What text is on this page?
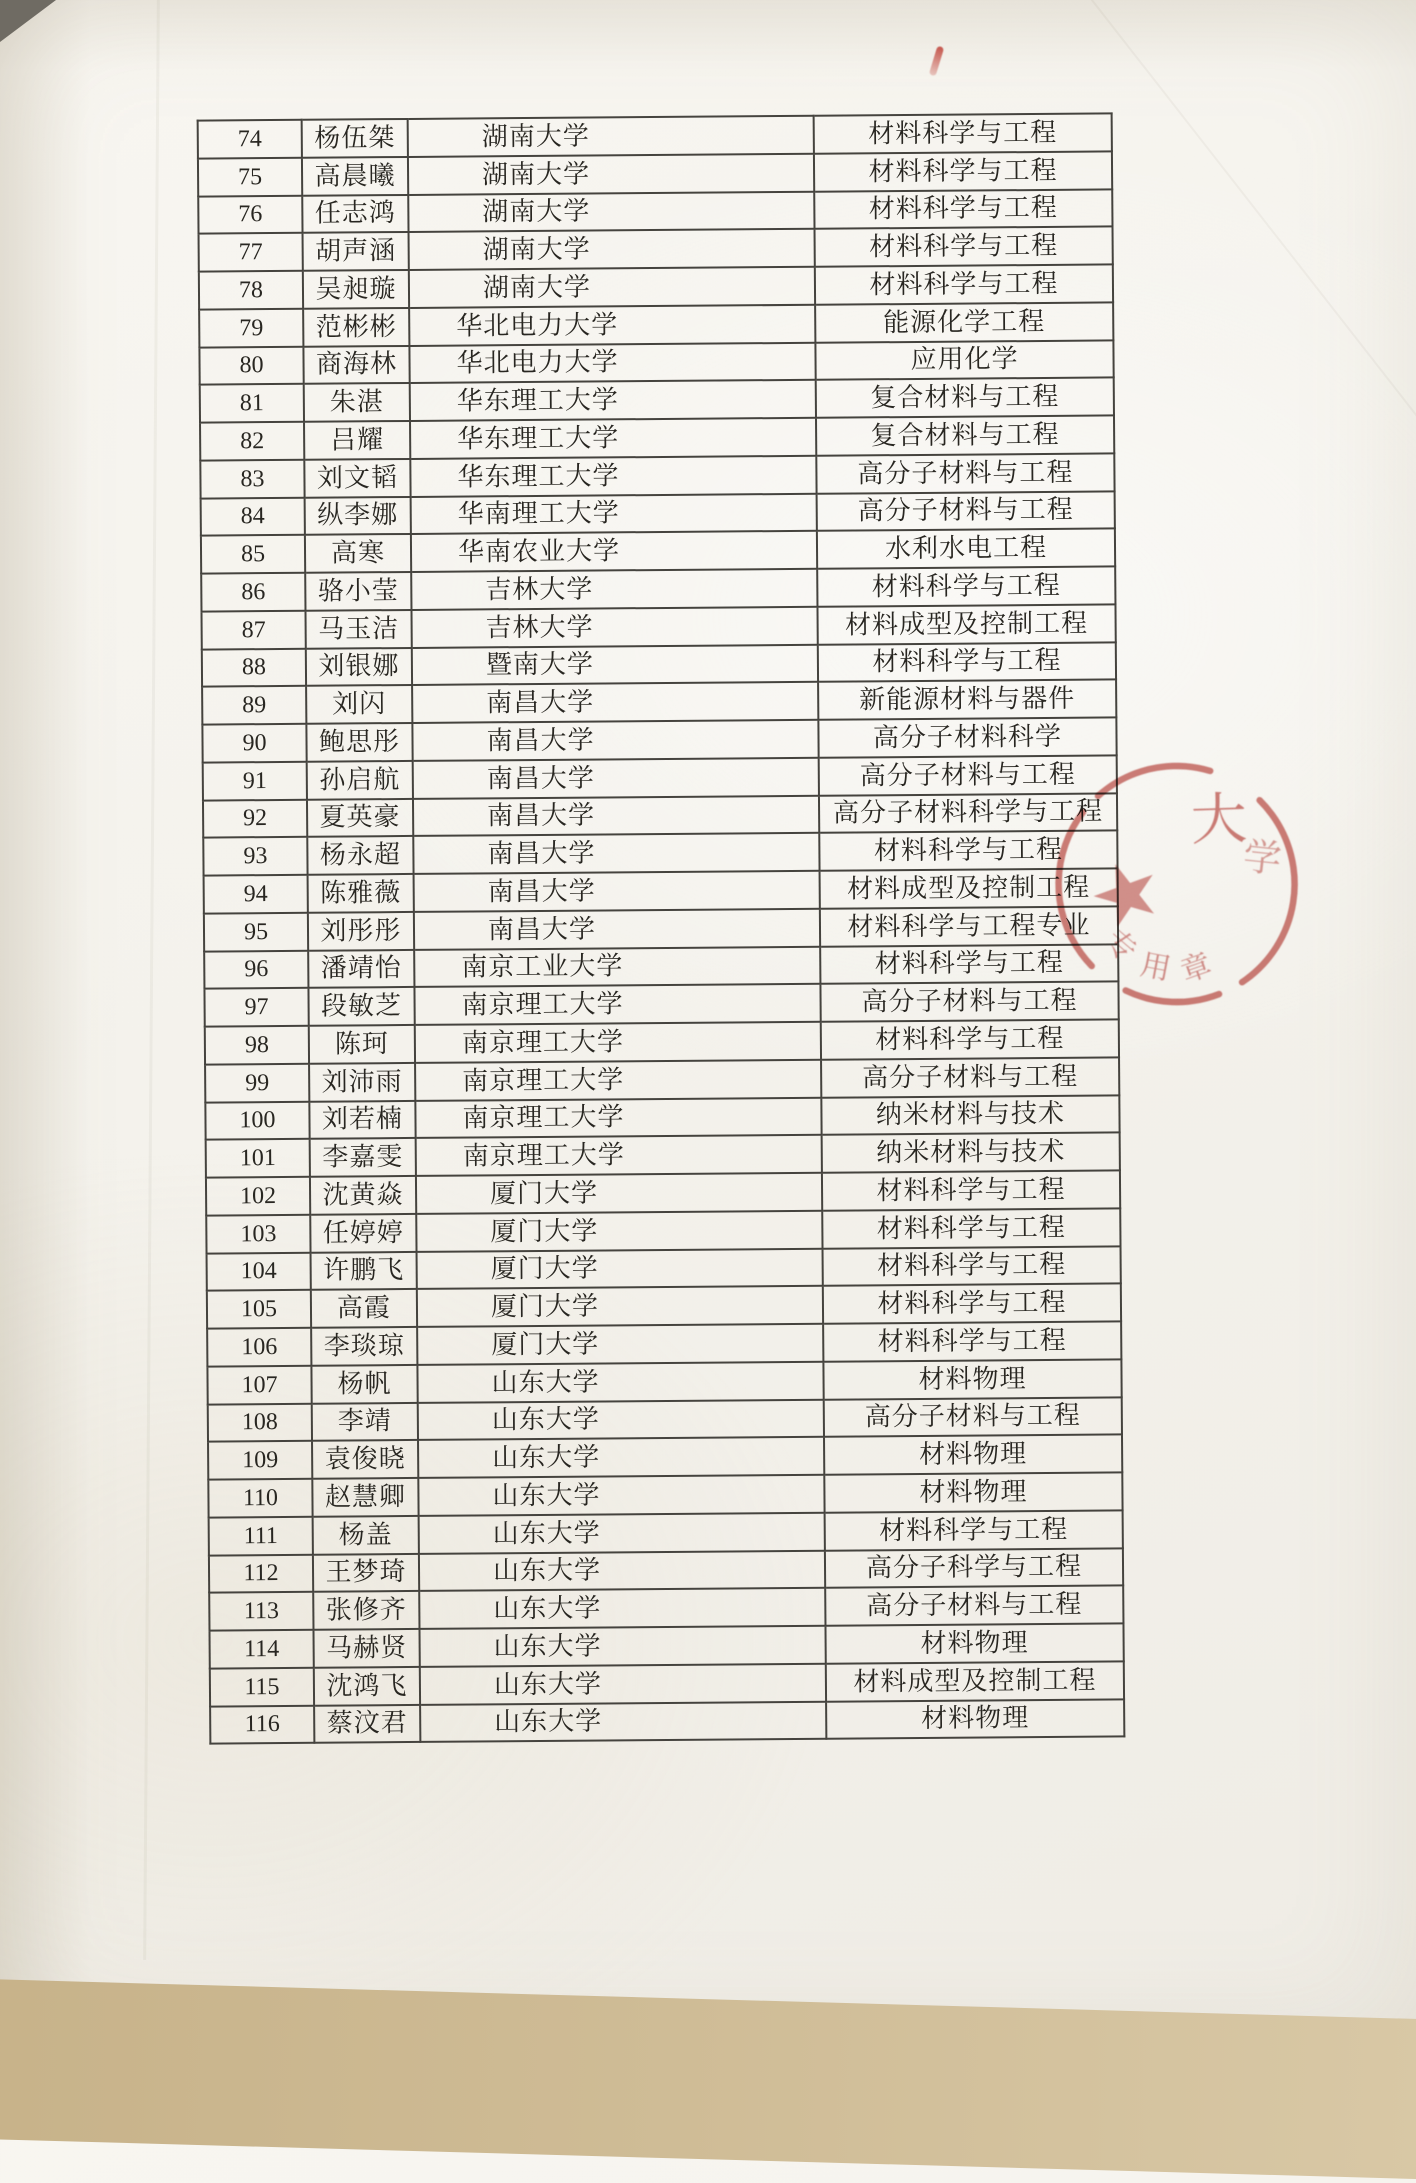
74	杨伍桀	湖南大学	材料科学与工程
75	高晨曦	湖南大学	材料科学与工程
76	任志鸿	湖南大学	材料科学与工程
77	胡声涵	湖南大学	材料科学与工程
78	吴昶璇	湖南大学	材料科学与工程
79	范彬彬	华北电力大学	能源化学工程
80	商海林	华北电力大学	应用化学
81	朱湛	华东理工大学	复合材料与工程
82	吕耀	华东理工大学	复合材料与工程
83	刘文韬	华东理工大学	高分子材料与工程
84	纵李娜	华南理工大学	高分子材料与工程
85	高寒	华南农业大学	水利水电工程
86	骆小莹	吉林大学	材料科学与工程
87	马玉洁	吉林大学	材料成型及控制工程
88	刘银娜	暨南大学	材料科学与工程
89	刘闪	南昌大学	新能源材料与器件
90	鲍思彤	南昌大学	高分子材料科学
91	孙启航	南昌大学	高分子材料与工程
92	夏英豪	南昌大学	高分子材料科学与工程
93	杨永超	南昌大学	材料科学与工程
94	陈雅薇	南昌大学	材料成型及控制工程
95	刘彤彤	南昌大学	材料科学与工程专业
96	潘靖怡	南京工业大学	材料科学与工程
97	段敏芝	南京理工大学	高分子材料与工程
98	陈珂	南京理工大学	材料科学与工程
99	刘沛雨	南京理工大学	高分子材料与工程
100	刘若楠	南京理工大学	纳米材料与技术
101	李嘉雯	南京理工大学	纳米材料与技术
102	沈黄焱	厦门大学	材料科学与工程
103	任婷婷	厦门大学	材料科学与工程
104	许鹏飞	厦门大学	材料科学与工程
105	高霞	厦门大学	材料科学与工程
106	李琰琼	厦门大学	材料科学与工程
107	杨帆	山东大学	材料物理
108	李靖	山东大学	高分子材料与工程
109	袁俊晓	山东大学	材料物理
110	赵慧卿	山东大学	材料物理
111	杨盖	山东大学	材料科学与工程
112	王梦琦	山东大学	高分子科学与工程
113	张修齐	山东大学	高分子材料与工程
114	马赫贤	山东大学	材料物理
115	沈鸿飞	山东大学	材料成型及控制工程
116	蔡汶君	山东大学	材料物理
大
学
专用章
